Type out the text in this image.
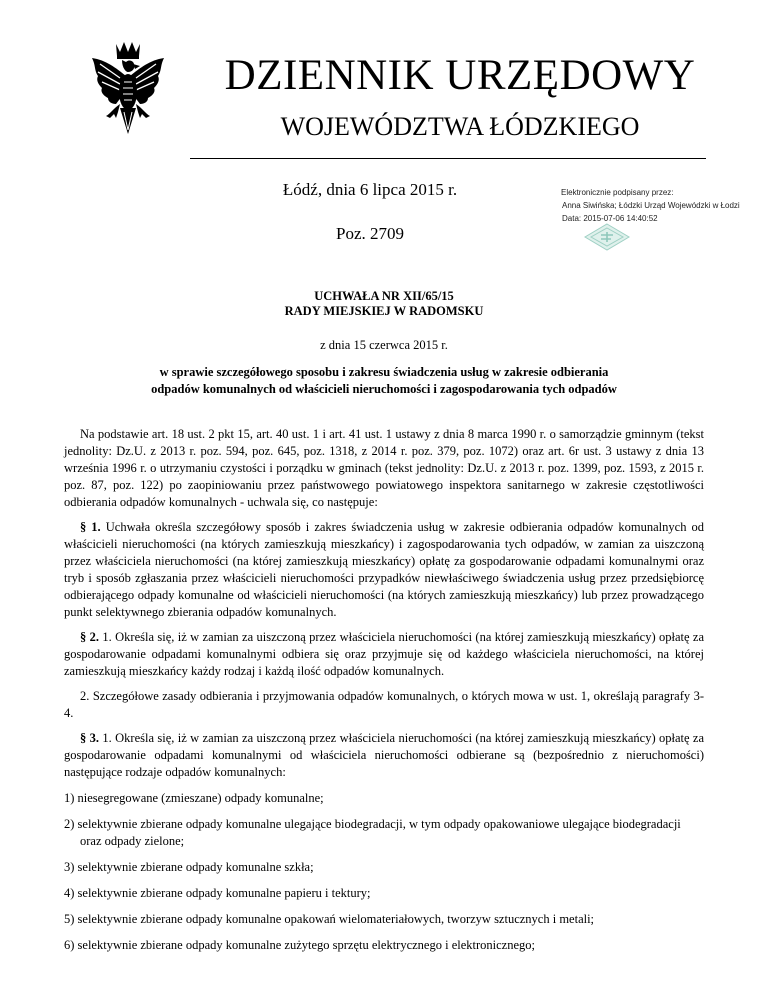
DZIENNIK URZĘDOWY
WOJEWÓDZTWA ŁÓDZKIEGO
Łódź, dnia 6 lipca 2015 r.
Poz. 2709
Elektronicznie podpisany przez:
Anna Siwińska; Łódzki Urząd Wojewódzki w Łodzi
Data: 2015-07-06 14:40:52
UCHWAŁA NR XII/65/15
RADY MIEJSKIEJ W RADOMSKU
z dnia 15 czerwca 2015 r.
w sprawie szczegółowego sposobu i zakresu świadczenia usług w zakresie odbierania
odpadów komunalnych od właścicieli nieruchomości i zagospodarowania tych odpadów

Na podstawie art. 18 ust. 2 pkt 15, art. 40 ust. 1 i art. 41 ust. 1 ustawy z dnia 8 marca 1990 r. o samorządzie gminnym (tekst jednolity: Dz.U. z 2013 r. poz. 594, poz. 645, poz. 1318, z 2014 r. poz. 379, poz. 1072) oraz art. 6r ust. 3 ustawy z dnia 13 września 1996 r. o utrzymaniu czystości i porządku w gminach (tekst jednolity: Dz.U. z 2013 r. poz. 1399, poz. 1593, z 2015 r. poz. 87, poz. 122) po zaopiniowaniu przez państwowego powiatowego inspektora sanitarnego w zakresie częstotliwości odbierania odpadów komunalnych - uchwala się, co następuje:

§ 1. Uchwała określa szczegółowy sposób i zakres świadczenia usług w zakresie odbierania odpadów komunalnych od właścicieli nieruchomości (na których zamieszkują mieszkańcy) i zagospodarowania tych odpadów, w zamian za uiszczoną przez właściciela nieruchomości (na której zamieszkują mieszkańcy) opłatę za gospodarowanie odpadami komunalnymi oraz tryb i sposób zgłaszania przez właścicieli nieruchomości przypadków niewłaściwego świadczenia usług przez przedsiębiorcę odbierającego odpady komunalne od właścicieli nieruchomości (na których zamieszkują mieszkańcy) lub przez prowadzącego punkt selektywnego zbierania odpadów komunalnych.

§ 2. 1. Określa się, iż w zamian za uiszczoną przez właściciela nieruchomości (na której zamieszkują mieszkańcy) opłatę za gospodarowanie odpadami komunalnymi odbiera się oraz przyjmuje się od każdego właściciela nieruchomości, na której zamieszkują mieszkańcy każdy rodzaj i każdą ilość odpadów komunalnych.

2. Szczegółowe zasady odbierania i przyjmowania odpadów komunalnych, o których mowa w ust. 1, określają paragrafy 3-4.

§ 3. 1. Określa się, iż w zamian za uiszczoną przez właściciela nieruchomości (na której zamieszkują mieszkańcy) opłatę za gospodarowanie odpadami komunalnymi od właściciela nieruchomości odbierane są (bezpośrednio z nieruchomości) następujące rodzaje odpadów komunalnych:

1) niesegregowane (zmieszane) odpady komunalne;
2) selektywnie zbierane odpady komunalne ulegające biodegradacji, w tym odpady opakowaniowe ulegające biodegradacji oraz odpady zielone;
3) selektywnie zbierane odpady komunalne szkła;
4) selektywnie zbierane odpady komunalne papieru i tektury;
5) selektywnie zbierane odpady komunalne opakowań wielomateriałowych, tworzyw sztucznych i metali;
6) selektywnie zbierane odpady komunalne zużytego sprzętu elektrycznego i elektronicznego;
